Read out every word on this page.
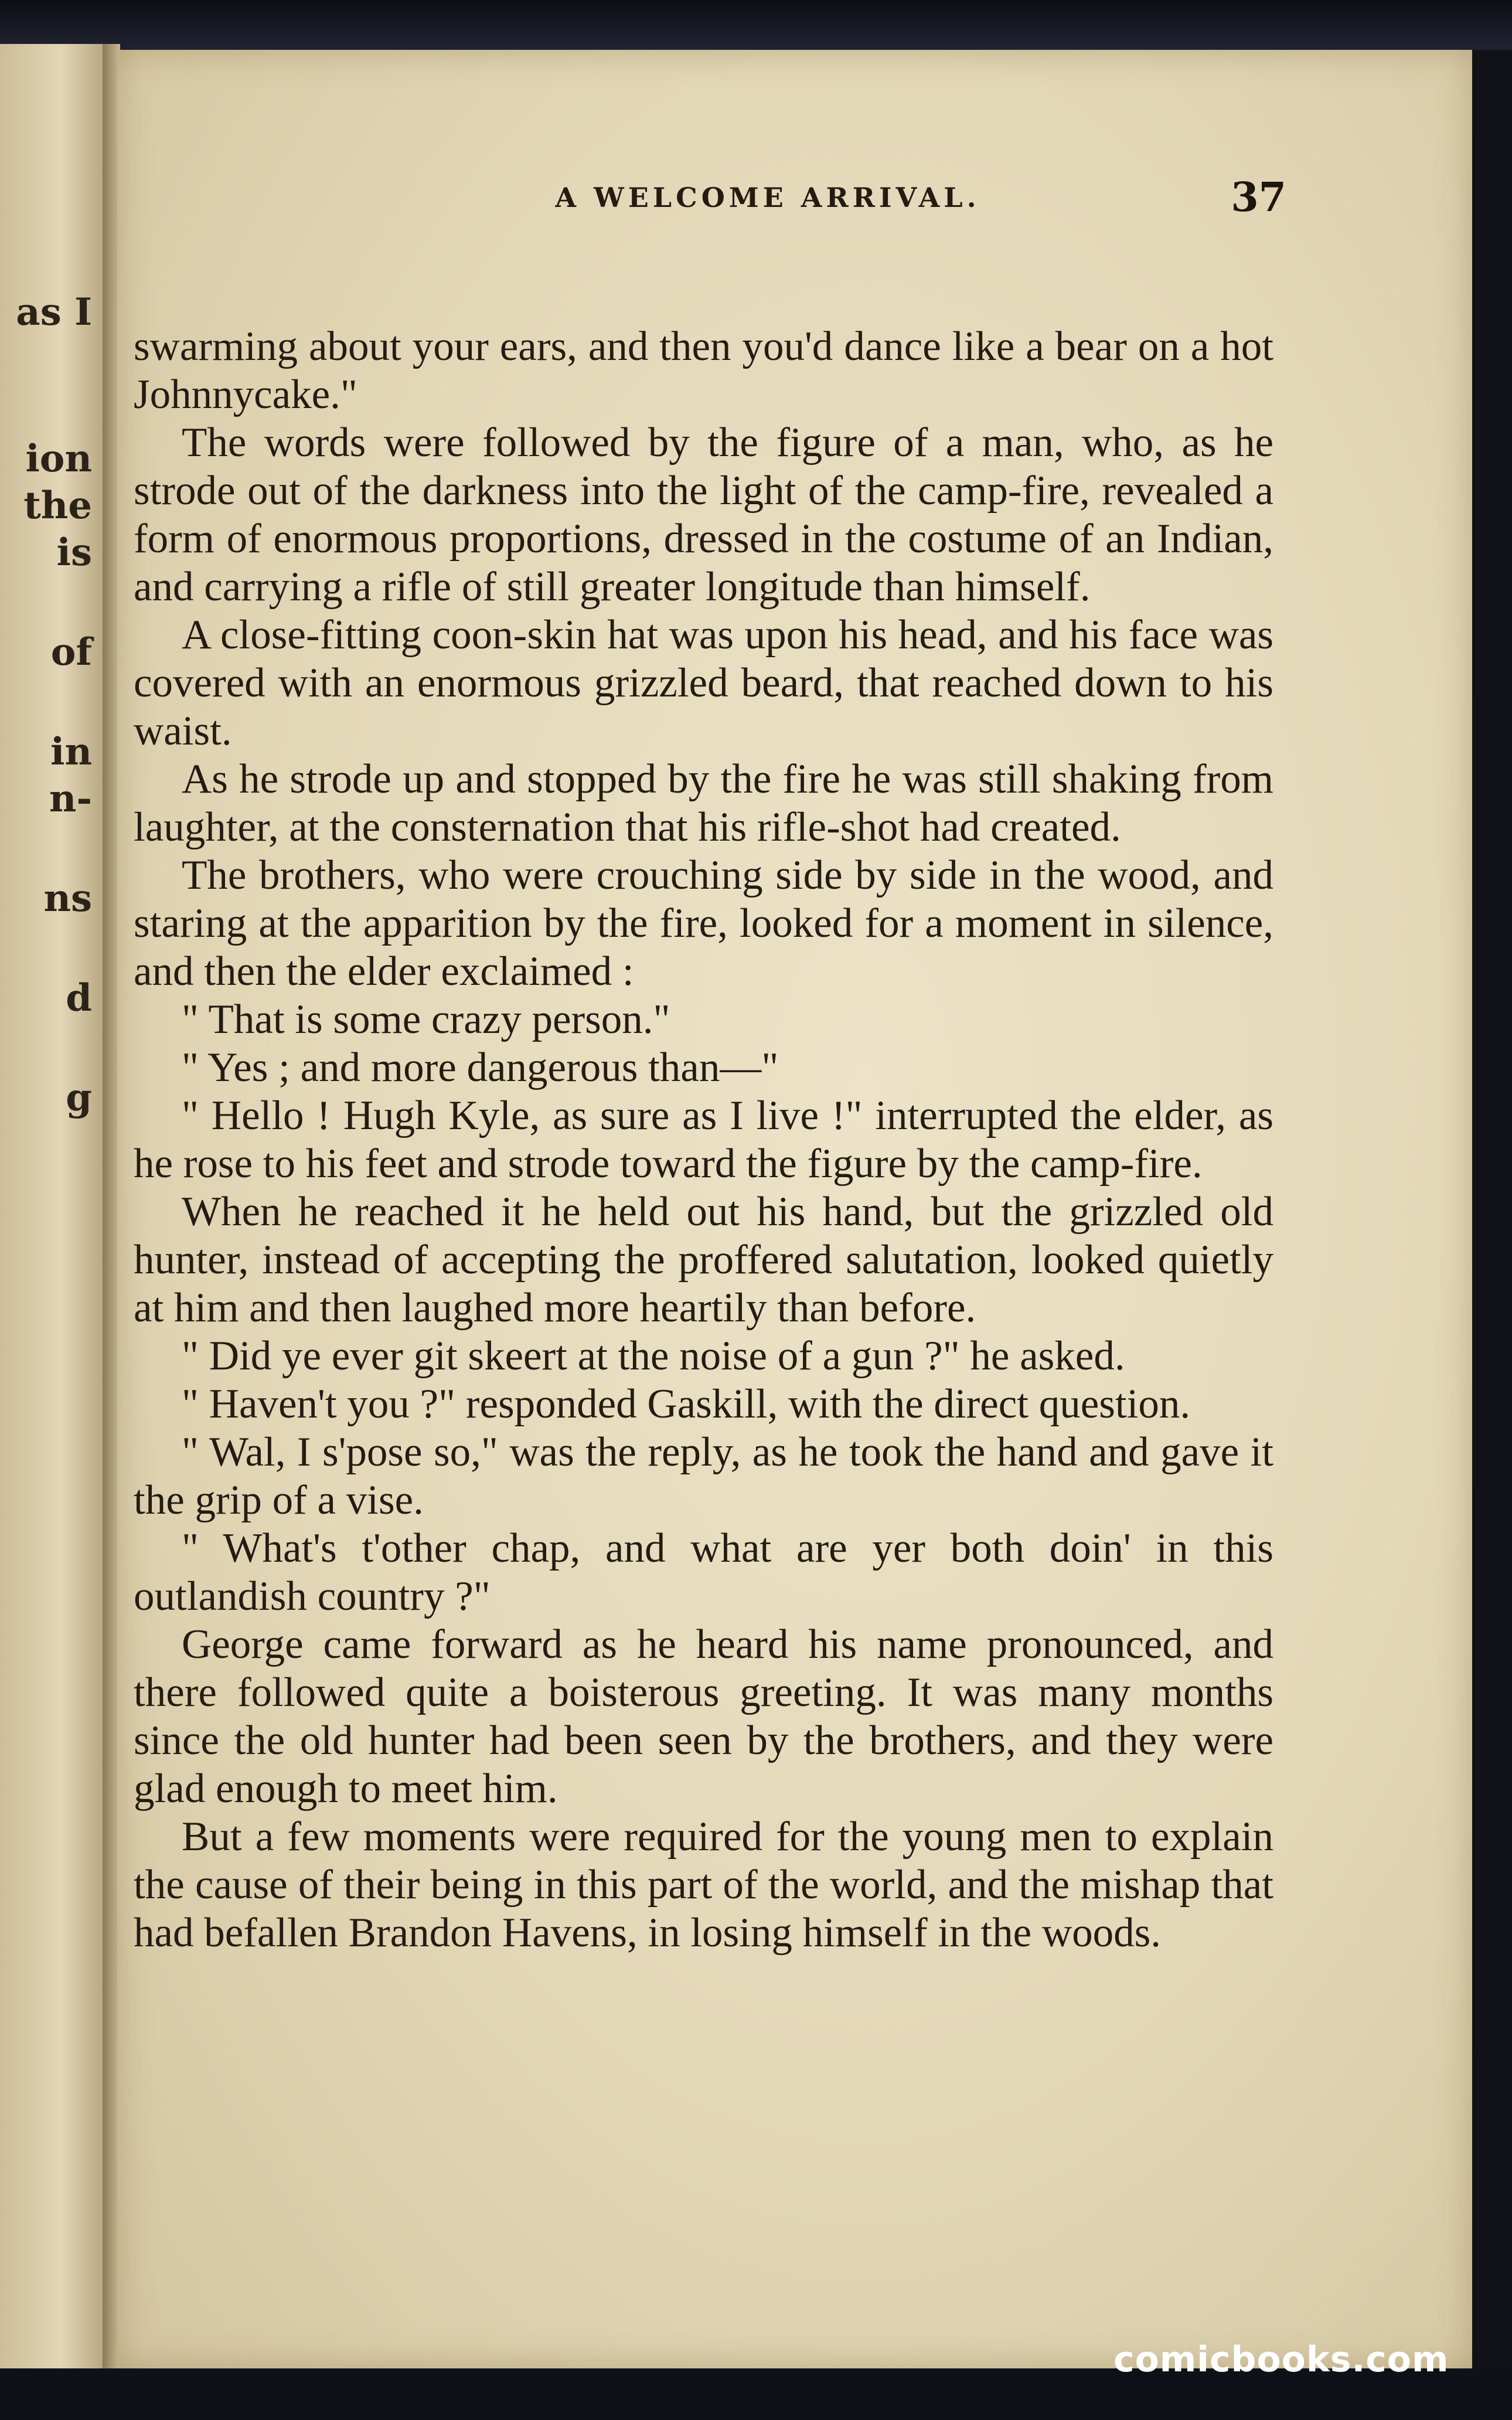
as I
ion
the
is
of
in
n-
ns
d
g
A WELCOME ARRIVAL.	37

swarming about your ears, and then you'd dance like a bear on a hot Johnnycake."

The words were followed by the figure of a man, who, as he strode out of the darkness into the light of the camp-fire, revealed a form of enormous proportions, dressed in the costume of an Indian, and carrying a rifle of still greater longitude than himself.

A close-fitting coon-skin hat was upon his head, and his face was covered with an enormous grizzled beard, that reached down to his waist.

As he strode up and stopped by the fire he was still shaking from laughter, at the consternation that his rifle-shot had created.

The brothers, who were crouching side by side in the wood, and staring at the apparition by the fire, looked for a moment in silence, and then the elder exclaimed :

" That is some crazy person."

" Yes ; and more dangerous than—"

" Hello ! Hugh Kyle, as sure as I live !" interrupted the elder, as he rose to his feet and strode toward the figure by the camp-fire.

When he reached it he held out his hand, but the grizzled old hunter, instead of accepting the proffered salutation, looked quietly at him and then laughed more heartily than before.

" Did ye ever git skeert at the noise of a gun ?" he asked.

" Haven't you ?" responded Gaskill, with the direct question.

" Wal, I s'pose so," was the reply, as he took the hand and gave it the grip of a vise.

" What's t'other chap, and what are yer both doin' in this outlandish country ?"

George came forward as he heard his name pronounced, and there followed quite a boisterous greeting. It was many months since the old hunter had been seen by the brothers, and they were glad enough to meet him.

But a few moments were required for the young men to explain the cause of their being in this part of the world, and the mishap that had befallen Brandon Havens, in losing himself in the woods.

comicbooks.com
